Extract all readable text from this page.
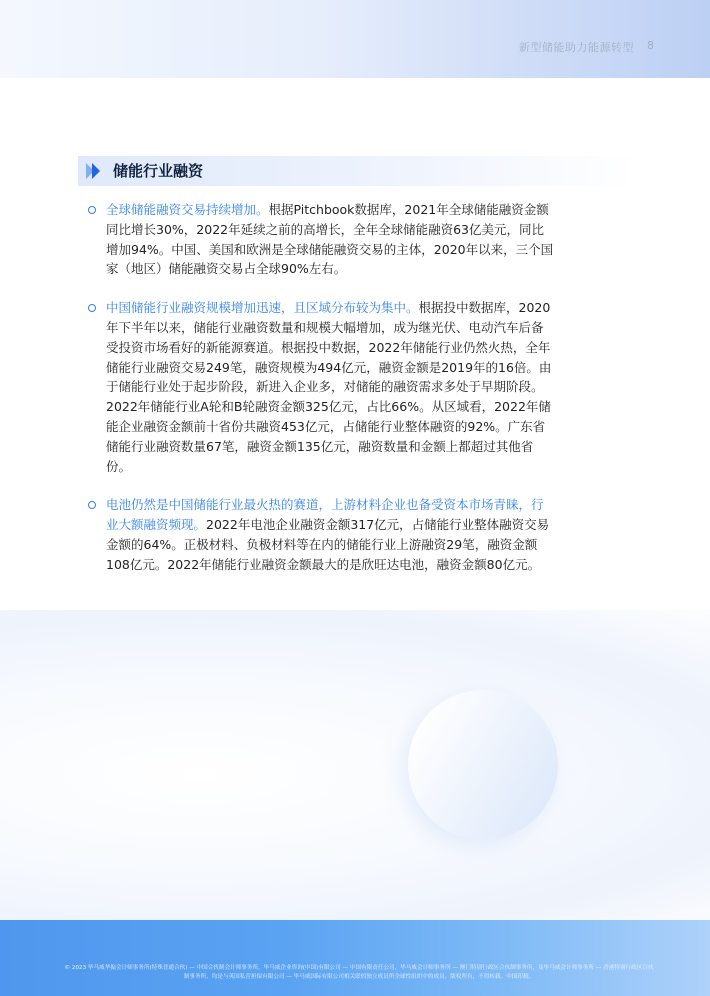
新型储能助力能源转型 8
储能行业融资
全球储能融资交易持续增加。根据Pitchbook数据库，2021年全球储能融资金额同比增长30%，2022年延续之前的高增长，全年全球储能融资63亿美元，同比增加94%。中国、美国和欧洲是全球储能融资交易的主体，2020年以来，三个国家（地区）储能融资交易占全球90%左右。
中国储能行业融资规模增加迅速，且区域分布较为集中。根据投中数据库，2020年下半年以来，储能行业融资数量和规模大幅增加，成为继光伏、电动汽车后备受投资市场看好的新能源赛道。根据投中数据，2022年储能行业仍然火热，全年储能行业融资交易249笔，融资规模为494亿元，融资金额是2019年的16倍。由于储能行业处于起步阶段，新进入企业多，对储能的融资需求多处于早期阶段。2022年储能行业A轮和B轮融资金额325亿元，占比66%。从区域看，2022年储能企业融资金额前十省份共融资453亿元，占储能行业整体融资的92%。广东省储能行业融资数量67笔，融资金额135亿元，融资数量和金额上都超过其他省份。
电池仍然是中国储能行业最火热的赛道，上游材料企业也备受资本市场青睐，行业大额融资频现。2022年电池企业融资金额317亿元，占储能行业整体融资交易金额的64%。正极材料、负极材料等在内的储能行业上游融资29笔，融资金额108亿元。2022年储能行业融资金额最大的是欣旺达电池，融资金额80亿元。
© 2023 毕马威华振会计师事务所(特殊普通合伙) — 中国合伙制会计师事务所，毕马威企业咨询(中国)有限公司 — 中国有限责任公司，毕马威会计师事务所 — 澳门特别行政区合伙制事务所，及毕马威会计师事务所 — 香港特别行政区合伙制事务所，均是与英国私营担保有限公司 — 毕马威国际有限公司相关联的独立成员所全球性组织中的成员。版权所有，不得转载。中国印制。
